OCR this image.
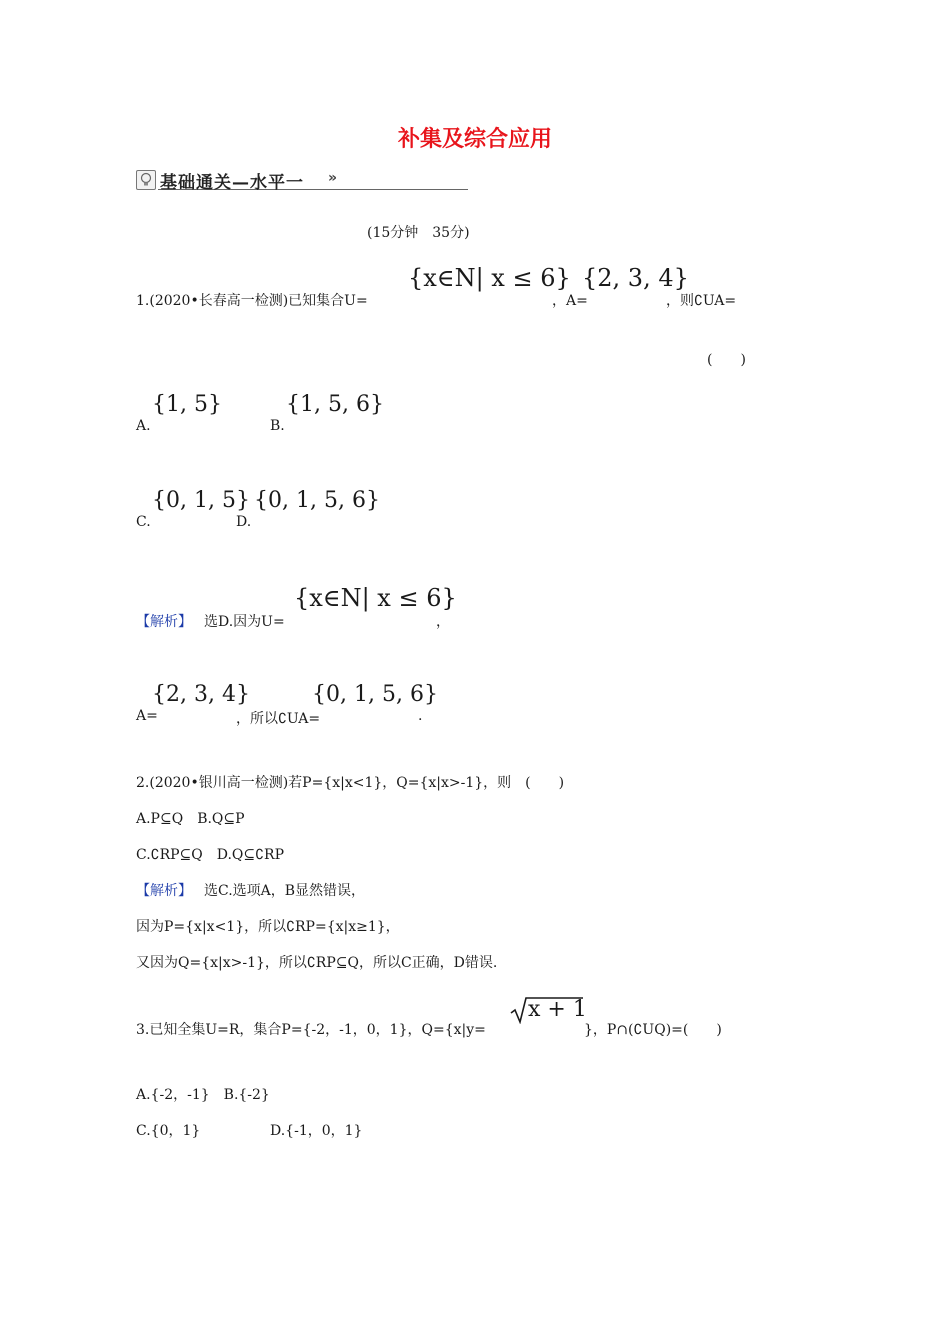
补集及综合应用
基础通关—水平一 »
(15分钟　35分)
1.(2020•长春高一检测)已知集合U=
{x∈N| x ≤ 6}
，A=
{2, 3, 4}
，则∁UA=
(　　)
A.
{1, 5}
B.
{1, 5, 6}
C.
{0, 1, 5}
D.
{0, 1, 5, 6}
【解析】 选D.因为U=
{x∈N| x ≤ 6}
，
A=
{2, 3, 4}
，所以∁UA=
{0, 1, 5, 6}
.
2.(2020•银川高一检测)若P={x|x<1}，Q={x|x>-1}，则　(　　)
A.P⊆Q　B.Q⊆P
C.∁RP⊆Q　D.Q⊆∁RP
【解析】 选C.选项A，B显然错误，
因为P={x|x<1}，所以∁RP={x|x≥1}，
又因为Q={x|x>-1}，所以∁RP⊆Q，所以C正确，D错误.
3.已知全集U=R，集合P={-2，-1，0，1}，Q={x|y=
x + 1
}，P∩(∁UQ)=(　　)
A.{-2，-1}　B.{-2}
C.{0，1}	D.{-1，0，1}
